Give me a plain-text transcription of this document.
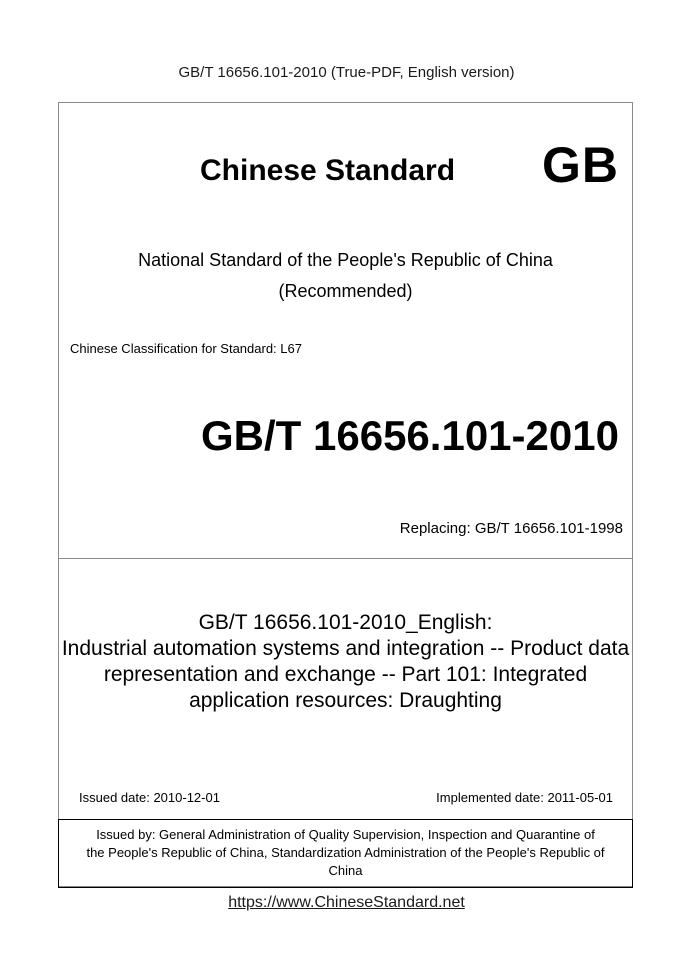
GB/T 16656.101-2010 (True-PDF, English version)
Chinese Standard GB
National Standard of the People's Republic of China
(Recommended)
Chinese Classification for Standard: L67
GB/T 16656.101-2010
Replacing: GB/T 16656.101-1998
GB/T 16656.101-2010_English:
Industrial automation systems and integration -- Product data
representation and exchange -- Part 101: Integrated
application resources: Draughting
Issued date: 2010-12-01	Implemented date: 2011-05-01
Issued by: General Administration of Quality Supervision, Inspection and Quarantine of
the People's Republic of China, Standardization Administration of the People's Republic of
China
https://www.ChineseStandard.net
